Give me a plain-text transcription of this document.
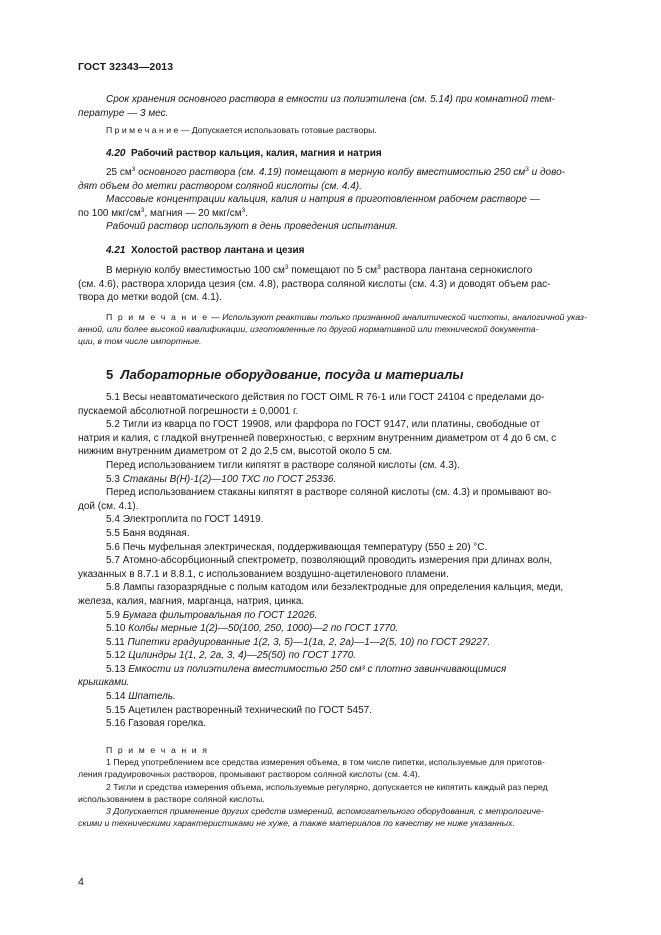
ГОСТ 32343—2013

Срок хранения основного раствора в емкости из полиэтилена (см. 5.14) при комнатной тем-

пературе — 3 мес.

П р и м е ч а н и е — Допускается использовать готовые растворы.

4.20 Рабочий раствор кальция, калия, магния и натрия

25 $см^3$ основного раствора (см. 4.19) помещают в мерную колбу вместимостью 250 $см^3$ и дово-

дят объем до метки раствором соляной кислоты (см. 4.4).

Массовые концентрации кальция, калия и натрия в приготовленном рабочем растворе —

по 100 мкг/$см^3$, магния — 20 мкг/$см^3$.

Рабочий раствор используют в день проведения испытания.

4.21 Холостой раствор лантана и цезия

В мерную колбу вместимостью 100 $см^3$ помещают по 5 $см^3$ раствора лантана сернокислого

(см. 4.6), раствора хлорида цезия (см. 4.8), раствора соляной кислоты (см. 4.3) и доводят объем рас-

твора до метки водой (см. 4.1).

П р и м е ч а н и е — Используют реактивы только признанной аналитической чистоты, аналогичной указ-

анной, или более высокой квалификации, изготовленные по другой нормативной или технической документа-

ции, в том числе импортные.

5 Лабораторные оборудование, посуда и материалы

5.1 Весы неавтоматического действия по ГОСТ OIML R 76-1 или ГОСТ 24104 с пределами до-

пускаемой абсолютной погрешности ± 0,0001 г.

5.2 Тигли из кварца по ГОСТ 19908, или фарфора по ГОСТ 9147, или платины, свободные от

натрия и калия, с гладкой внутренней поверхностью, с верхним внутренним диаметром от 4 до 6 см, с

нижним внутренним диаметром от 2 до 2,5 см, высотой около 5 см.

Перед использованием тигли кипятят в растворе соляной кислоты (см. 4.3).

5.3 Стаканы В(Н)-1(2)—100 ТХС по ГОСТ 25336.

Перед использованием стаканы кипятят в растворе соляной кислоты (см. 4.3) и промывают во-

дой (см. 4.1).

5.4 Электроплита по ГОСТ 14919.

5.5 Баня водяная.

5.6 Печь муфельная электрическая, поддерживающая температуру (550 ± 20) °С.

5.7 Атомно-абсорбционный спектрометр, позволяющий проводить измерения при длинах волн,

указанных в 8.7.1 и 8.8.1, с использованием воздушно-ацетиленового пламени.

5.8 Лампы газоразрядные с полым катодом или безэлектродные для определения кальция, меди,

железа, калия, магния, марганца, натрия, цинка.

5.9 Бумага фильтровальная по ГОСТ 12026.

5.10 Колбы мерные 1(2)—50(100, 250, 1000)—2 по ГОСТ 1770.

5.11 Пипетки градуированные 1(2, 3, 5)—1(1а, 2, 2а)—1—2(5, 10) по ГОСТ 29227.

5.12 Цилиндры 1(1, 2, 2а, 3, 4)—25(50) по ГОСТ 1770.

5.13 Емкости из полиэтилена вместимостью 250 см³ с плотно завинчивающимися

крышками.

5.14 Шпатель.

5.15 Ацетилен растворенный технический по ГОСТ 5457.

5.16 Газовая горелка.

П р и м е ч а н и я

1 Перед употреблением все средства измерения объема, в том числе пипетки, используемые для приготов-

ления градуировочных растворов, промывают раствором соляной кислоты (см. 4.4).

2 Тигли и средства измерения объема, используемые регулярно, допускается не кипятить каждый раз перед

использованием в растворе соляной кислоты.

3 Допускается применение других средств измерений, вспомогательного оборудования, с метрологиче-

скими и техническими характеристиками не хуже, а также материалов по качеству не ниже указанных.

4
